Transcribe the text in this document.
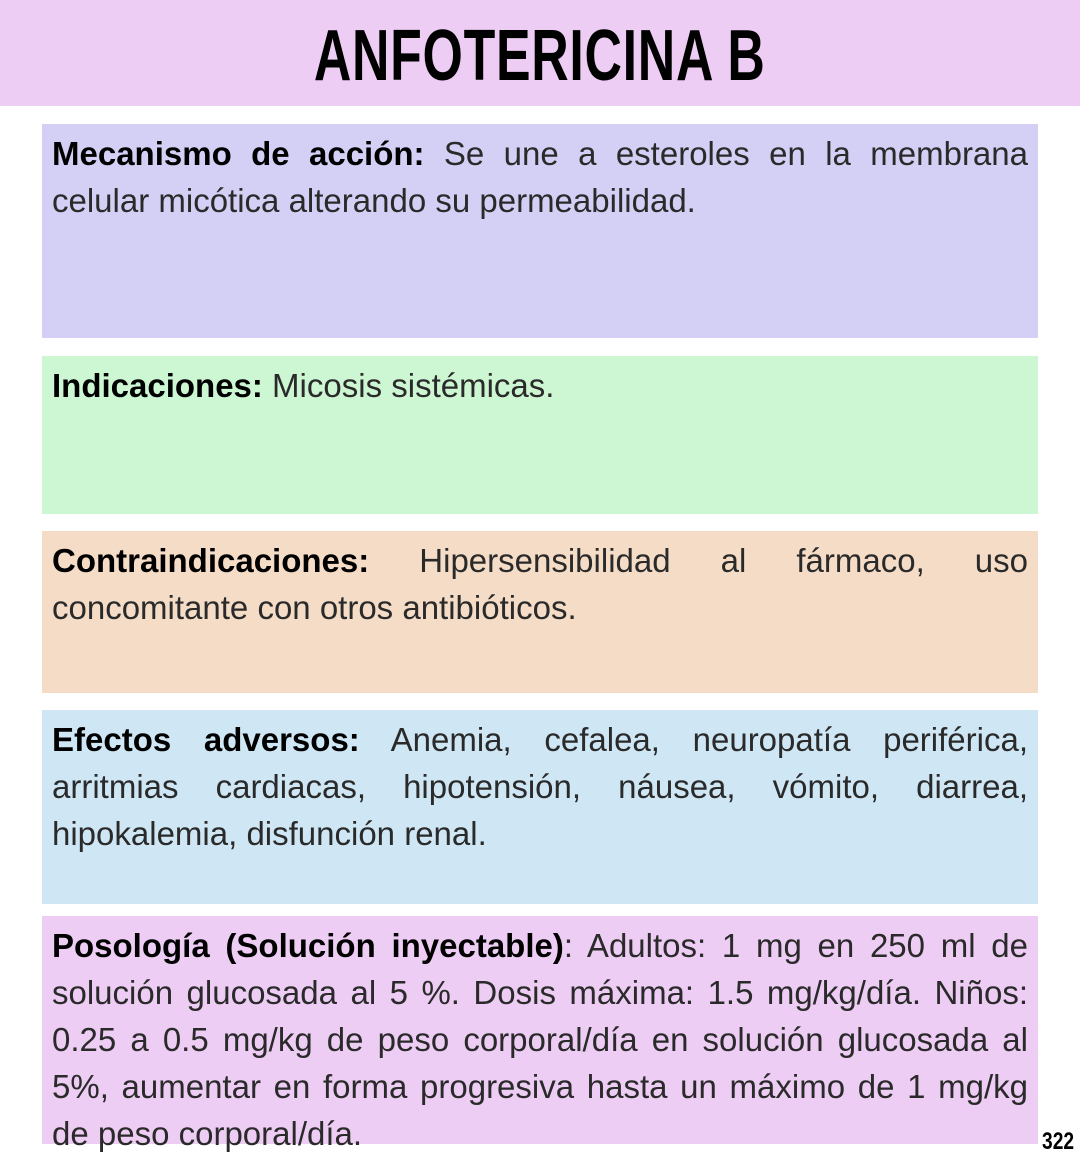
ANFOTERICINA B
Mecanismo de acción: Se une a esteroles en la membrana celular micótica alterando su permeabilidad.
Indicaciones: Micosis sistémicas.
Contraindicaciones: Hipersensibilidad al fármaco, uso concomitante con otros antibióticos.
Efectos adversos: Anemia, cefalea, neuropatía periférica, arritmias cardiacas, hipotensión, náusea, vómito, diarrea, hipokalemia, disfunción renal.
Posología (Solución inyectable): Adultos: 1 mg en 250 ml de solución glucosada al 5 %. Dosis máxima: 1.5 mg/kg/día. Niños: 0.25 a 0.5 mg/kg de peso corporal/día en solución glucosada al 5%, aumentar en forma progresiva hasta un máximo de 1 mg/kg de peso corporal/día.	322
